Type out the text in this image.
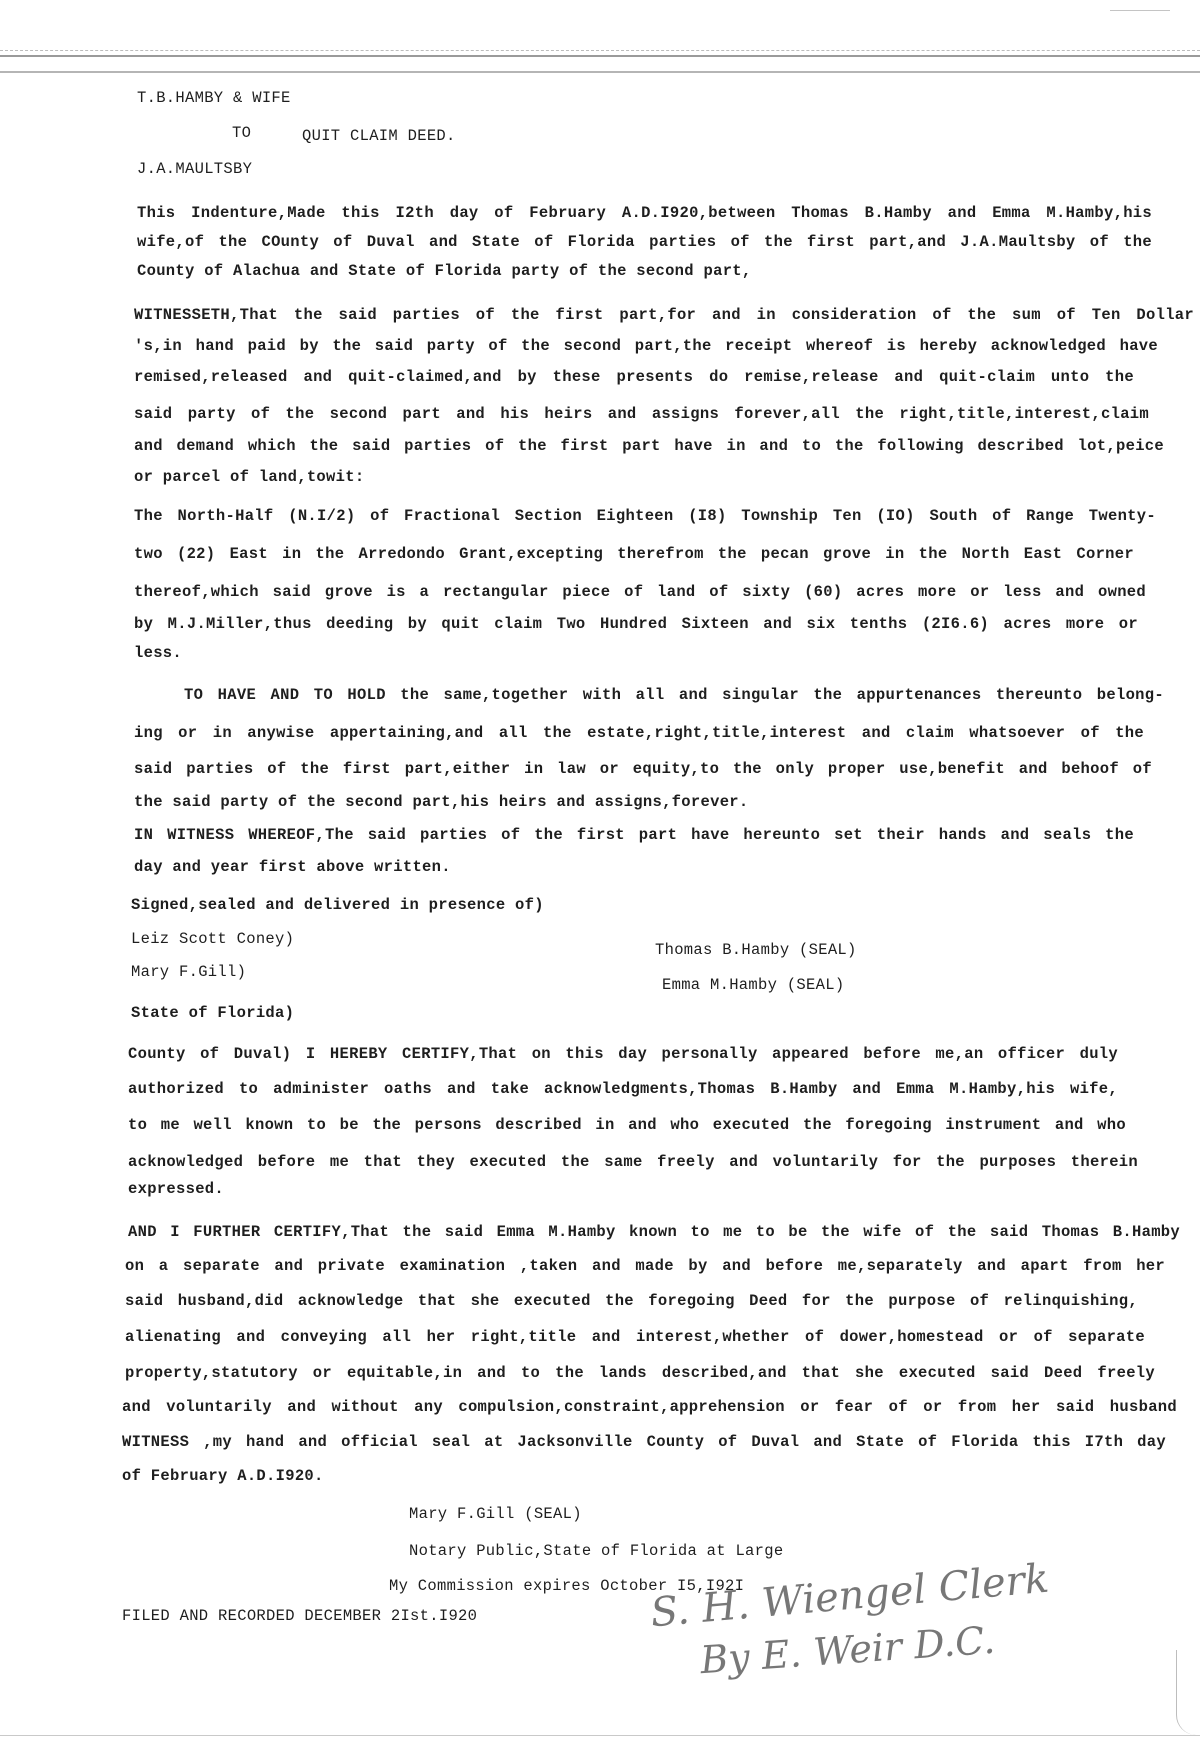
T.B.HAMBY & WIFE
TO	QUIT CLAIM DEED.
J.A.MAULTSBY
This Indenture,Made this I2th day of February A.D.I920,between Thomas B.Hamby and Emma M.Hamby,his
wife,of the COunty of Duval and State of Florida parties of the first part,and J.A.Maultsby of the
County of Alachua and State of Florida party of the second part,
WITNESSETH,That the said parties of the first part,for and in consideration of the sum of Ten Dollar
's,in hand paid by the said party of the second part,the receipt whereof is hereby acknowledged have
remised,released and quit-claimed,and by these presents do remise,release and quit-claim unto the
said party of the second part and his heirs and assigns forever,all the right,title,interest,claim
and demand which the said parties of the first part have in and to the following described lot,peice
or parcel of land,towit:
The North-Half (N.I/2) of Fractional Section Eighteen (I8) Township Ten (IO) South of Range Twenty-
two (22) East in the Arredondo Grant,excepting therefrom the pecan grove in the North East Corner
thereof,which said grove is a rectangular piece of land of sixty (60) acres more or less and owned
by M.J.Miller,thus deeding by quit claim Two Hundred Sixteen and six tenths (2I6.6) acres more or
less.
TO HAVE AND TO HOLD the same,together with all and singular the appurtenances thereunto belong-
ing or in anywise appertaining,and all the estate,right,title,interest and claim whatsoever of the
said parties of the first part,either in law or equity,to the only proper use,benefit and behoof of
the said party of the second part,his heirs and assigns,forever.
IN WITNESS WHEREOF,The said parties of the first part have hereunto set their hands and seals the
day and year first above written.
Signed,sealed and delivered in presence of)
Leiz Scott Coney)
Mary F.Gill)
Thomas B.Hamby (SEAL)
Emma M.Hamby (SEAL)
State of Florida)
County of Duval) I HEREBY CERTIFY,That on this day personally appeared before me,an officer duly
authorized to administer oaths and take acknowledgments,Thomas B.Hamby and Emma M.Hamby,his wife,
to me well known to be the persons described in and who executed the foregoing instrument and who
acknowledged before me that they executed the same freely and voluntarily for the purposes therein
expressed.
AND I FURTHER CERTIFY,That the said Emma M.Hamby known to me to be the wife of the said Thomas B.Hamby
on a separate and private examination ,taken and made by and before me,separately and apart from her
said husband,did acknowledge that she executed the foregoing Deed for the purpose of relinquishing,
alienating and conveying all her right,title and interest,whether of dower,homestead or of separate
property,statutory or equitable,in and to the lands described,and that she executed said Deed freely
and voluntarily and without any compulsion,constraint,apprehension or fear of or from her said husband
WITNESS ,my hand and official seal at Jacksonville County of Duval and State of Florida this I7th day
of February A.D.I920.
Mary F.Gill (SEAL)
Notary Public,State of Florida at Large
My Commission expires October I5,I92I
FILED AND RECORDED DECEMBER 2Ist.I920	S. H. Wiengel Clerk
By E. Weir D.C.
